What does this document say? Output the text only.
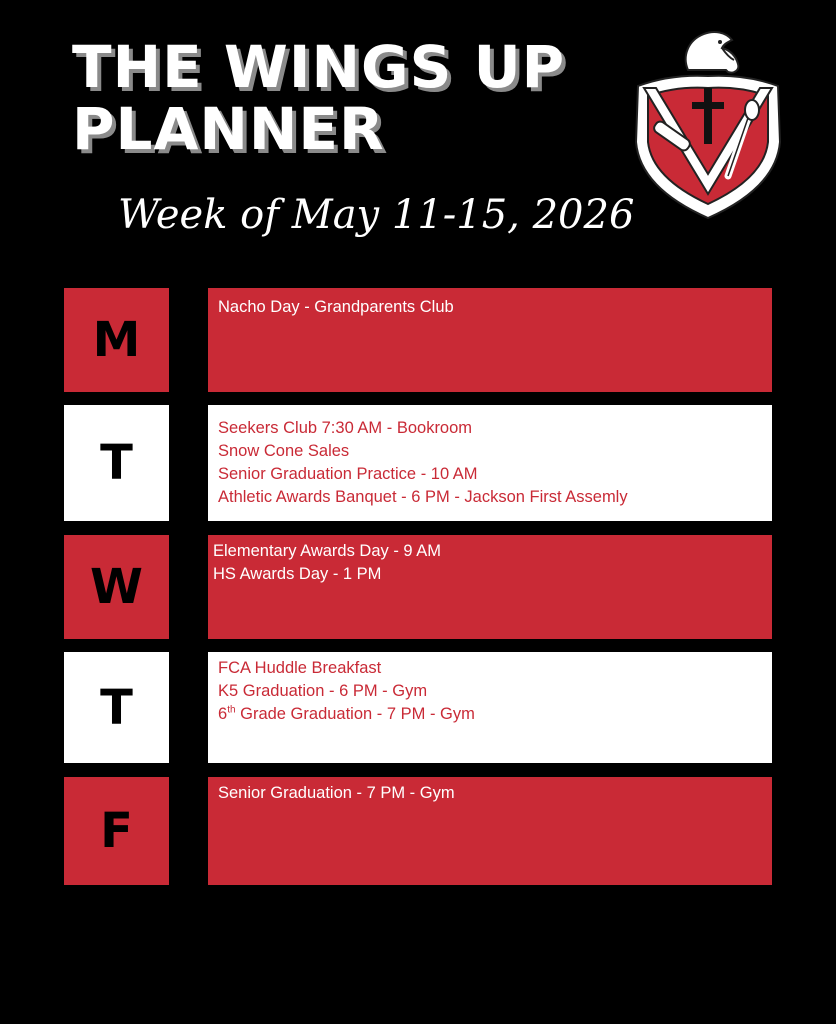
THE WINGS UP
PLANNER
Week of May 11-15, 2026
M
Nacho Day - Grandparents Club
T
Seekers Club 7:30 AM - Bookroom
Snow Cone Sales
Senior Graduation Practice - 10 AM
Athletic Awards Banquet - 6 PM - Jackson First Assemly
W
Elementary Awards Day - 9 AM
HS Awards Day - 1 PM
T
FCA Huddle Breakfast
K5 Graduation - 6 PM - Gym
6th Grade Graduation - 7 PM - Gym
F
Senior Graduation - 7 PM - Gym
